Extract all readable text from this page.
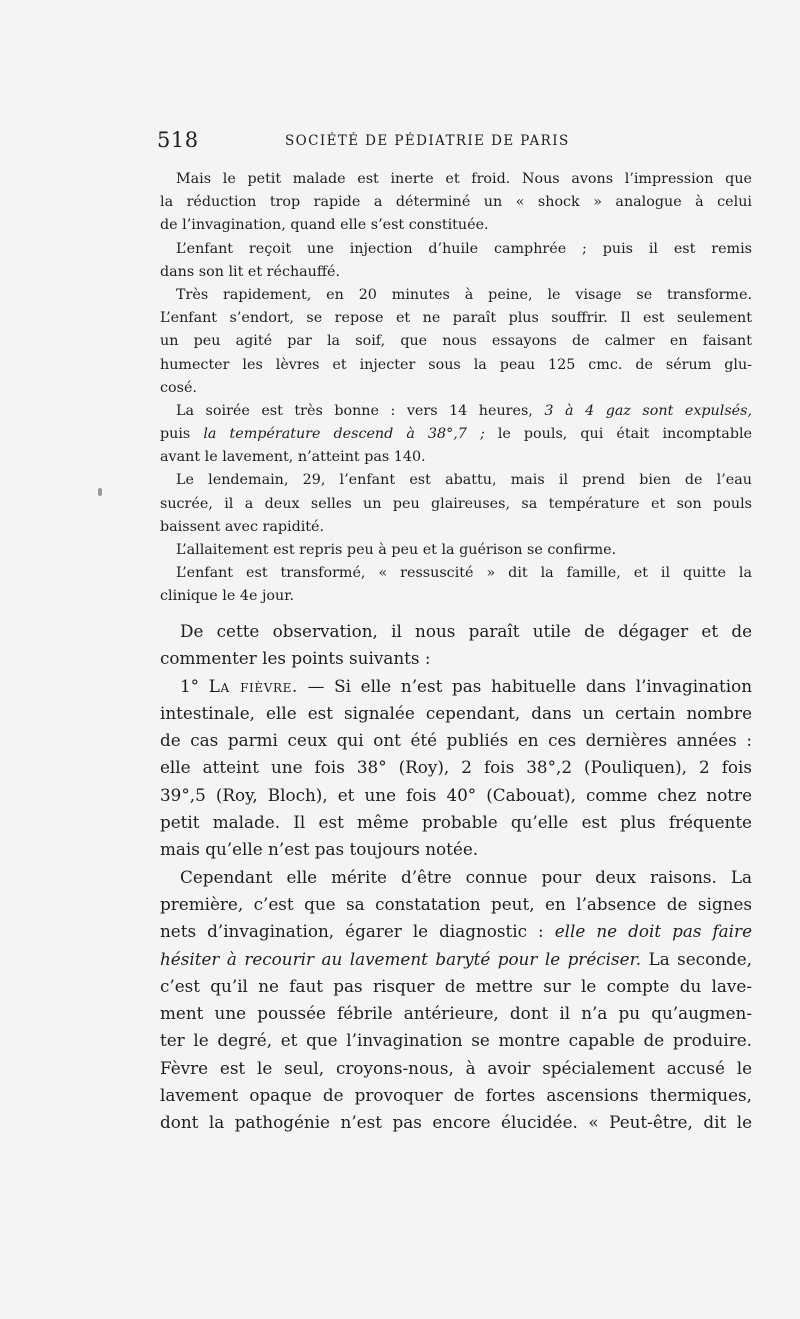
518	SOCIÉTÉ DE PÉDIATRIE DE PARIS
Mais le petit malade est inerte et froid. Nous avons l’impression que
la réduction trop rapide a déterminé un « shock » analogue à celui
de l’invagination, quand elle s’est constituée.
L’enfant reçoit une injection d’huile camphrée ; puis il est remis
dans son lit et réchauffé.
Très rapidement, en 20 minutes à peine, le visage se transforme.
L’enfant s’endort, se repose et ne paraît plus souffrir. Il est seulement
un peu agité par la soif, que nous essayons de calmer en faisant
humecter les lèvres et injecter sous la peau 125 cmc. de sérum glu-
cosé.
La soirée est très bonne : vers 14 heures, 3 à 4 gaz sont expulsés,
puis la température descend à 38°,7 ; le pouls, qui était incomptable
avant le lavement, n’atteint pas 140.
Le lendemain, 29, l’enfant est abattu, mais il prend bien de l’eau
sucrée, il a deux selles un peu glaireuses, sa température et son pouls
baissent avec rapidité.
L’allaitement est repris peu à peu et la guérison se confirme.
L’enfant est transformé, « ressuscité » dit la famille, et il quitte la
clinique le 4e jour.
De cette observation, il nous paraît utile de dégager et de
commenter les points suivants :
1° La fièvre. — Si elle n’est pas habituelle dans l’invagination
intestinale, elle est signalée cependant, dans un certain nombre
de cas parmi ceux qui ont été publiés en ces dernières années :
elle atteint une fois 38° (Roy), 2 fois 38°,2 (Pouliquen), 2 fois
39°,5 (Roy, Bloch), et une fois 40° (Cabouat), comme chez notre
petit malade. Il est même probable qu’elle est plus fréquente
mais qu’elle n’est pas toujours notée.
Cependant elle mérite d’être connue pour deux raisons. La
première, c’est que sa constatation peut, en l’absence de signes
nets d’invagination, égarer le diagnostic : elle ne doit pas faire
hésiter à recourir au lavement baryté pour le préciser. La seconde,
c’est qu’il ne faut pas risquer de mettre sur le compte du lave-
ment une poussée fébrile antérieure, dont il n’a pu qu’augmen-
ter le degré, et que l’invagination se montre capable de produire.
Fèvre est le seul, croyons-nous, à avoir spécialement accusé le
lavement opaque de provoquer de fortes ascensions thermiques,
dont la pathogénie n’est pas encore élucidée. « Peut-être, dit le
